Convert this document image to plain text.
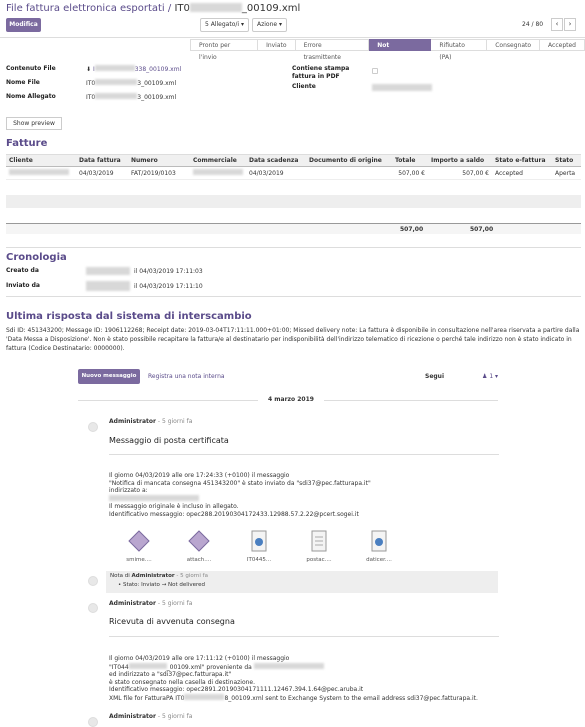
File fattura elettronica esportati / IT0	_00109.xml
Modifica	5 Allegato/i ▾	Azione ▾	24 / 80	‹	›
Pronto per l'invio
Inviato	Errore trasmittente
Not delivered
Rifiutato (PA)
Consegnato	Accepted
Contenuto File	⬇	338_00109.xml
Nome File	IT0	3_00109.xml
Nome Allegato	IT0	3_00109.xml
Contiene stampa fattura in PDF
Cliente
Show preview
Fatture
Cliente	Data fattura	Numero	Commerciale	Data scadenza	Documento di origine	Totale	Importo a saldo	Stato e-fattura	Stato
	04/03/2019	FAT/2019/0103		04/03/2019		507,00 €	507,00 €	Accepted	Aperta
507,00	507,00
Cronologia
Creato da	il 04/03/2019 17:11:03
Inviato da	il 04/03/2019 17:11:10
Ultima risposta dal sistema di interscambio
Sdi ID: 451343200; Message ID: 1906112268; Receipt date: 2019-03-04T17:11:11.000+01:00; Missed delivery note: La fattura è disponibile in consultazione nell'area riservata a partire dalla 'Data Messa a Disposizione'. Non è stato possibile recapitare la fattura/e al destinatario per indisponibilità dell'indirizzo telematico di ricezione o perché tale indirizzo non è stato indicato in fattura (Codice Destinatario: 0000000).
Nuovo messaggio	Registra una nota interna	Segui	♟ 1 ▾
4 marzo 2019
Administrator - 5 giorni fa
Messaggio di posta certificata
Il giorno 04/03/2019 alle ore 17:24:33 (+0100) il messaggio
"Notifica di mancata consegna 451343200" è stato inviato da "sdi37@pec.fatturapa.it"
indirizzato a:
Il messaggio originale è incluso in allegato.
Identificativo messaggio: opec288.20190304172433.12988.57.2.22@pcert.sogei.it
smime....	attach....	IT0445...	postac....	daticer....
Nota di Administrator - 5 giorni fa
• Stato: Inviato → Not delivered
Administrator - 5 giorni fa
Ricevuta di avvenuta consegna
Il giorno 04/03/2019 alle ore 17:11:12 (+0100) il messaggio
"IT044	_00109.xml" proveniente da
ed indirizzato a "sdi37@pec.fatturapa.it"
è stato consegnato nella casella di destinazione.
Identificativo messaggio: opec2891.20190304171111.12467.394.1.64@pec.aruba.it
XML file for FatturaPA IT0	8_00109.xml sent to Exchange System to the email address sdi37@pec.fatturapa.it.
Administrator - 5 giorni fa
